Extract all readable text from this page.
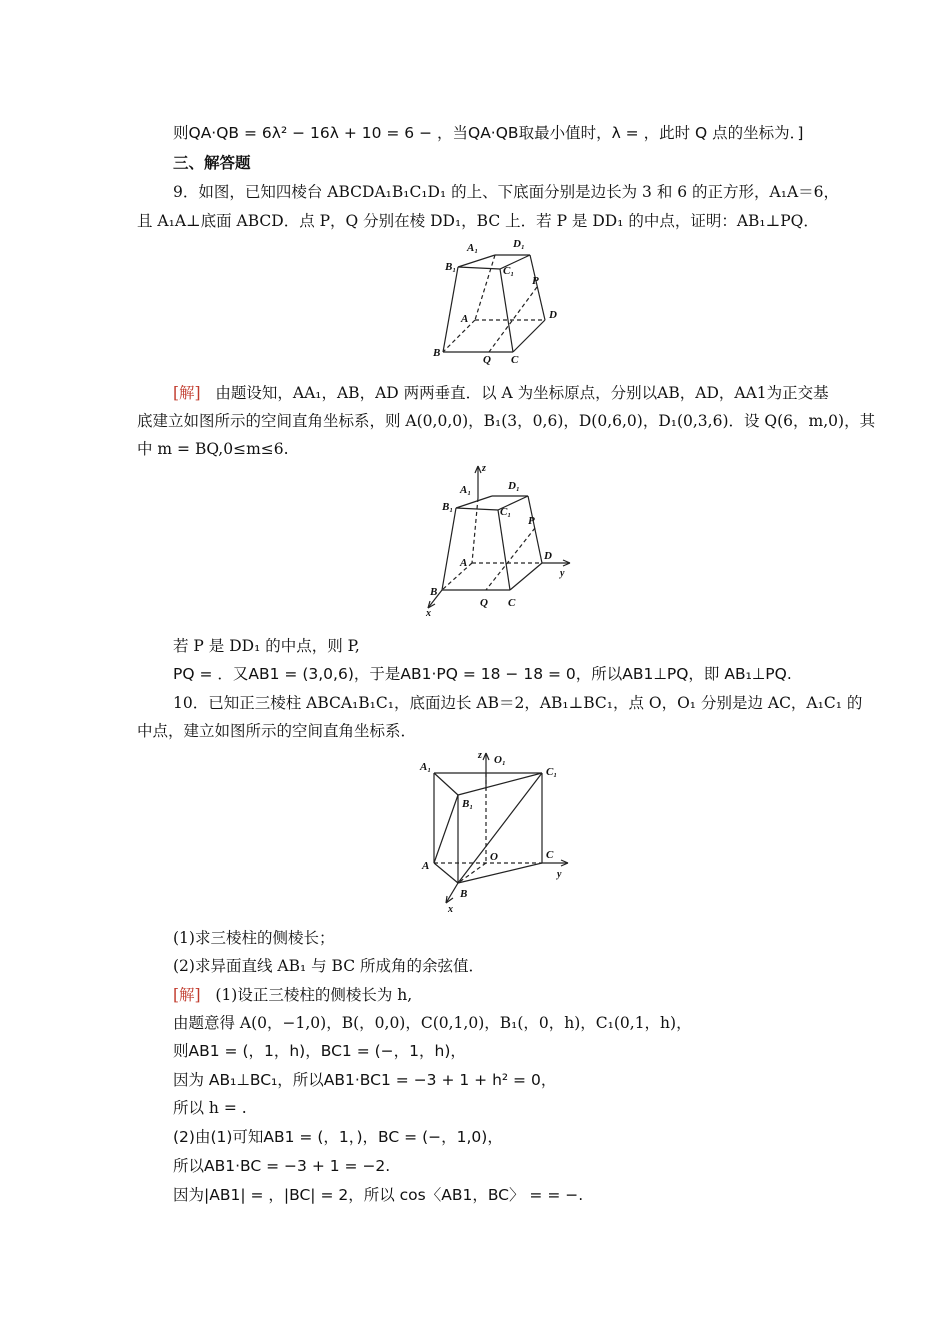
则QA·QB = 6λ² − 16λ + 10 = 6 − ，当QA·QB取最小值时，λ = ，此时 Q 点的坐标为．]
三、解答题
9．如图，已知四棱台 ABCDA₁B₁C₁D₁ 的上、下底面分别是边长为 3 和 6 的正方形，A₁A＝6，
且 A₁A⊥底面 ABCD．点 P，Q 分别在棱 DD₁，BC 上．若 P 是 DD₁ 的中点，证明：AB₁⊥PQ．
A₁	D₁
B₁	C₁
P
A	D
B
Q C
[解] 由题设知，AA₁，AB，AD 两两垂直．以 A 为坐标原点，分别以AB，AD，AA1为正交基
底建立如图所示的空间直角坐标系，则 A(0,0,0)，B₁(3，0,6)，D(0,6,0)，D₁(0,3,6)．设 Q(6，m,0)，其
中 m = BQ,0≤m≤6.
z
A₁	D₁
B₁	C₁
P
A
D
y
B
Q C
x
若 P 是 DD₁ 的中点，则 P,
PQ = ．又AB1 = (3,0,6)，于是AB1·PQ = 18 − 18 = 0，所以AB1⊥PQ，即 AB₁⊥PQ.
10．已知正三棱柱 ABCA₁B₁C₁，底面边长 AB＝2，AB₁⊥BC₁，点 O，O₁ 分别是边 AC，A₁C₁ 的
中点，建立如图所示的空间直角坐标系．
z O₁
A₁	C₁
B₁
O
A
C
y
B
x
(1)求三棱柱的侧棱长；
(2)求异面直线 AB₁ 与 BC 所成角的余弦值．
[解] (1)设正三棱柱的侧棱长为 h,
由题意得 A(0，−1,0)，B(，0,0)，C(0,1,0)，B₁(，0，h)，C₁(0,1，h)，
则AB1 = (，1，h)，BC1 = (−，1，h)，
因为 AB₁⊥BC₁，所以AB1·BC1 = −3 + 1 + h² = 0，
所以 h = .
(2)由(1)可知AB1 = (，1，)，BC = (−，1,0)，
所以AB1·BC = −3 + 1 = −2.
因为|AB1| = ，|BC| = 2，所以 cos〈AB1，BC〉 = = −.
